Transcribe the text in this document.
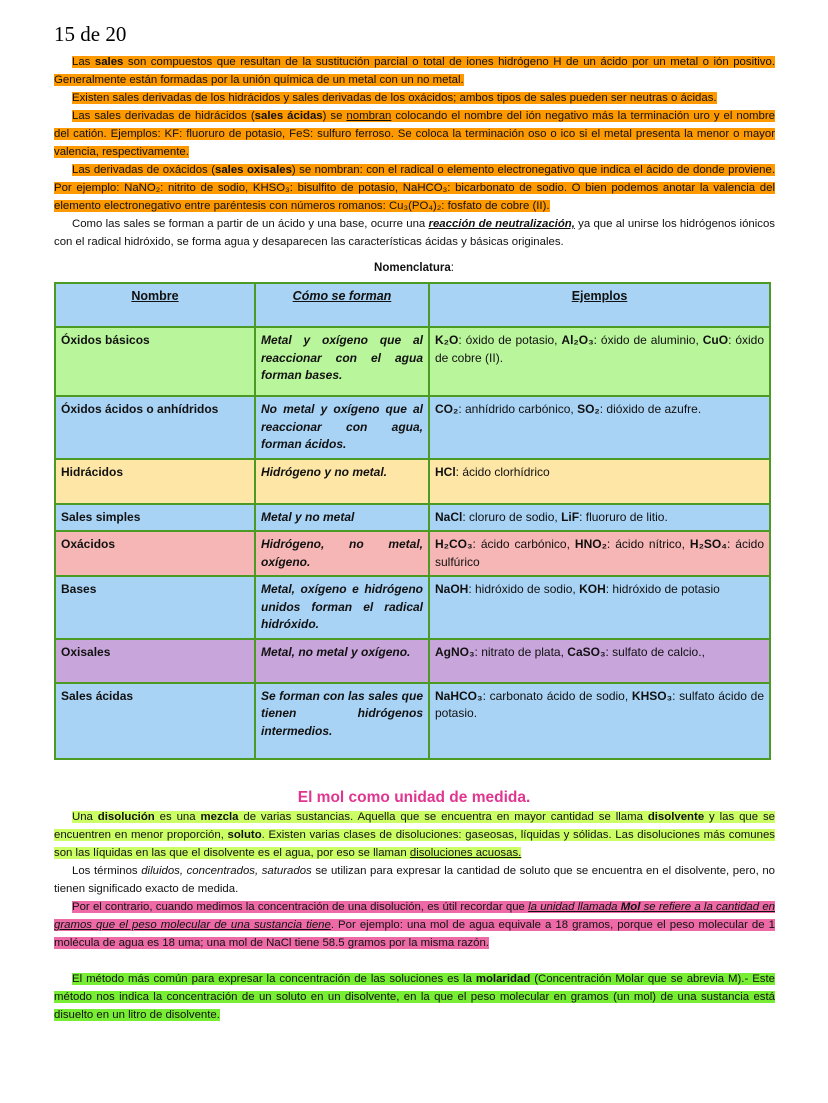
15 de 20

Las sales son compuestos que resultan de la sustitución parcial o total de iones hidrógeno H de un ácido por un metal o ión positivo. Generalmente están formadas por la unión química de un metal con un no metal.

Existen sales derivadas de los hidrácidos y sales derivadas de los oxácidos; ambos tipos de sales pueden ser neutras o ácidas.

Las sales derivadas de hidrácidos (sales ácidas) se nombran colocando el nombre del ión negativo más la terminación uro y el nombre del catión. Ejemplos: KF: fluoruro de potasio, FeS: sulfuro ferroso. Se coloca la terminación oso o ico si el metal presenta la menor o mayor valencia, respectivamente.

Las derivadas de oxácidos (sales oxisales) se nombran: con el radical o elemento electronegativo que indica el ácido de donde proviene. Por ejemplo: NaNO₂: nitrito de sodio, KHSO₃: bisulfito de potasio, NaHCO₃: bicarbonato de sodio. O bien podemos anotar la valencia del elemento electronegativo entre paréntesis con números romanos: Cu₃(PO₄)₂: fosfato de cobre (II).

Como las sales se forman a partir de un ácido y una base, ocurre una reacción de neutralización, ya que al unirse los hidrógenos iónicos con el radical hidróxido, se forma agua y desaparecen las características ácidas y básicas originales.

Nomenclatura:
Nombre	Cómo se forman	Ejemplos
Óxidos básicos	Metal y oxígeno que al reaccionar con el agua forman bases.	K₂O: óxido de potasio, Al₂O₃: óxido de aluminio, CuO: óxido de cobre (II).
Óxidos ácidos o anhídridos	No metal y oxígeno que al reaccionar con agua, forman ácidos.	CO₂: anhídrido carbónico, SO₂: dióxido de azufre.
Hidrácidos	Hidrógeno y no metal.	HCl: ácido clorhídrico
Sales simples	Metal y no metal	NaCl: cloruro de sodio, LiF: fluoruro de litio.
Oxácidos	Hidrógeno, no metal, oxígeno.	H₂CO₃: ácido carbónico, HNO₂: ácido nítrico, H₂SO₄: ácido sulfúrico
Bases	Metal, oxígeno e hidrógeno unidos forman el radical hidróxido.	NaOH: hidróxido de sodio, KOH: hidróxido de potasio
Oxisales	Metal, no metal y oxígeno.	AgNO₃: nitrato de plata, CaSO₃: sulfato de calcio.,
Sales ácidas	Se forman con las sales que tienen hidrógenos intermedios.	NaHCO₃: carbonato ácido de sodio, KHSO₃: sulfato ácido de potasio.
El mol como unidad de medida.

Una disolución es una mezcla de varias sustancias. Aquella que se encuentra en mayor cantidad se llama disolvente y las que se encuentren en menor proporción, soluto. Existen varias clases de disoluciones: gaseosas, líquidas y sólidas. Las disoluciones más comunes son las líquidas en las que el disolvente es el agua, por eso se llaman disoluciones acuosas.

Los términos diluidos, concentrados, saturados se utilizan para expresar la cantidad de soluto que se encuentra en el disolvente, pero, no tienen significado exacto de medida.

Por el contrario, cuando medimos la concentración de una disolución, es útil recordar que la unidad llamada Mol se refiere a la cantidad en gramos que el peso molecular de una sustancia tiene. Por ejemplo: una mol de agua equivale a 18 gramos, porque el peso molecular de 1 molécula de agua es 18 uma; una mol de NaCl tiene 58.5 gramos por la misma razón.

El método más común para expresar la concentración de las soluciones es la molaridad (Concentración Molar que se abrevia M).- Este método nos indica la concentración de un soluto en un disolvente, en la que el peso molecular en gramos (un mol) de una sustancia está disuelto en un litro de disolvente.
